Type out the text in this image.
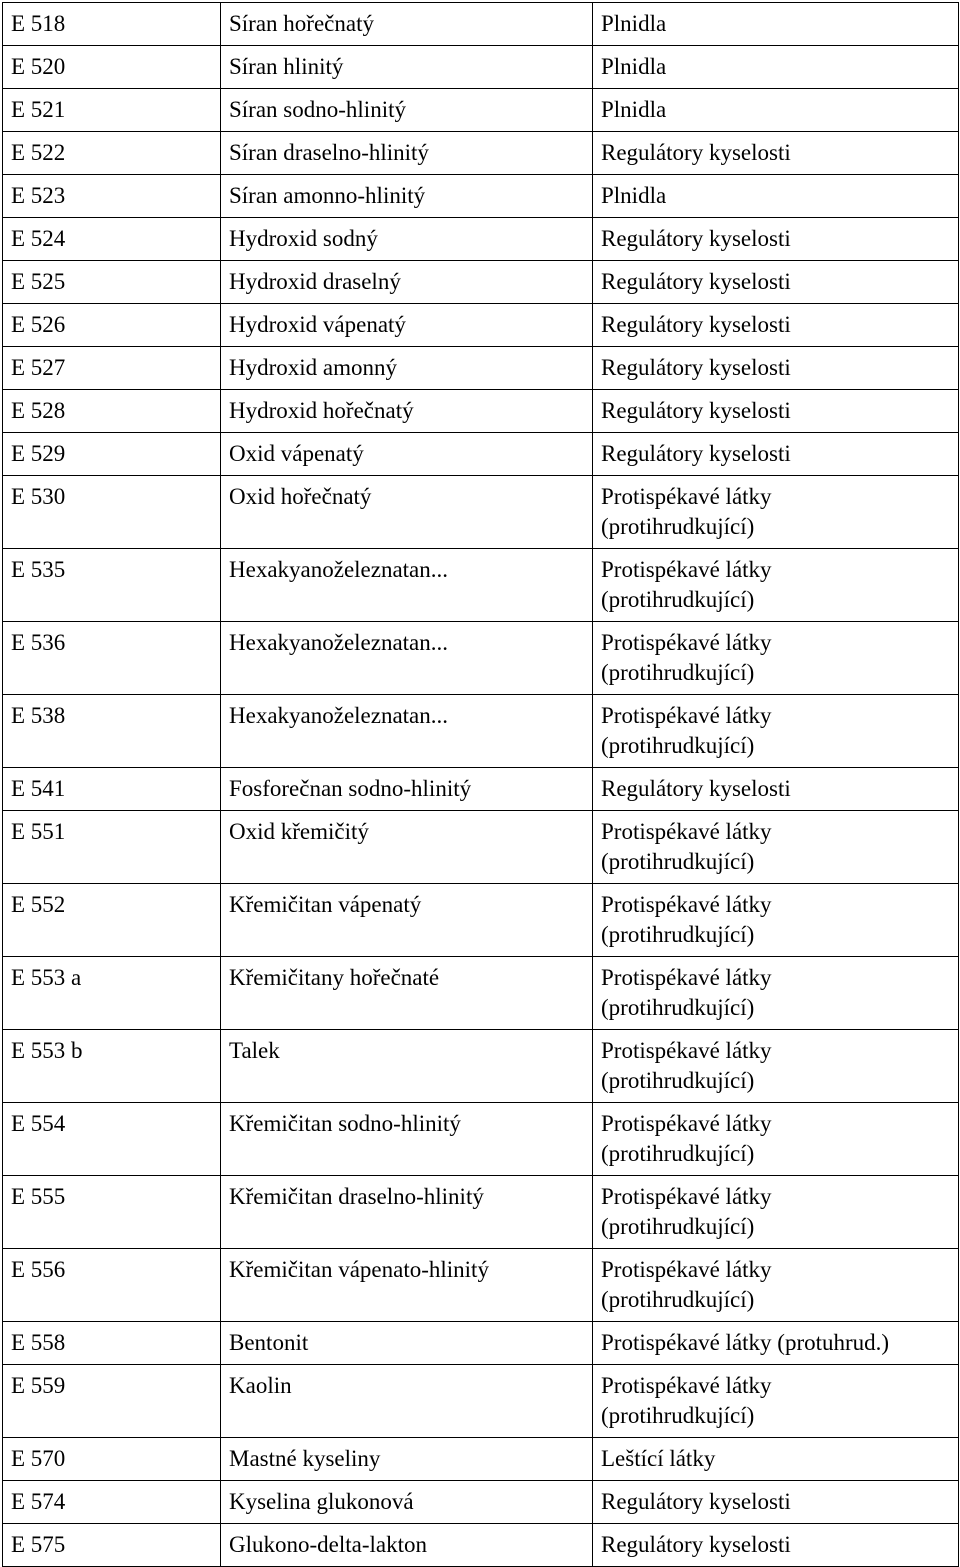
E 518	Síran hořečnatý	Plnidla

E 520	Síran hlinitý	Plnidla

E 521	Síran sodno-hlinitý	Plnidla

E 522	Síran draselno-hlinitý	Regulátory kyselosti

E 523	Síran amonno-hlinitý	Plnidla

E 524	Hydroxid sodný	Regulátory kyselosti

E 525	Hydroxid draselný	Regulátory kyselosti

E 526	Hydroxid vápenatý	Regulátory kyselosti

E 527	Hydroxid amonný	Regulátory kyselosti

E 528	Hydroxid hořečnatý	Regulátory kyselosti

E 529	Oxid vápenatý	Regulátory kyselosti

E 530	Oxid hořečnatý	Protispékavé látky
(protihrudkující)

E 535	Hexakyanoželeznatan...	Protispékavé látky
(protihrudkující)

E 536	Hexakyanoželeznatan...	Protispékavé látky
(protihrudkující)

E 538	Hexakyanoželeznatan...	Protispékavé látky
(protihrudkující)

E 541	Fosforečnan sodno-hlinitý	Regulátory kyselosti

E 551	Oxid křemičitý	Protispékavé látky
(protihrudkující)

E 552	Křemičitan vápenatý	Protispékavé látky
(protihrudkující)

E 553 a	Křemičitany hořečnaté	Protispékavé látky
(protihrudkující)

E 553 b	Talek	Protispékavé látky
(protihrudkující)

E 554	Křemičitan sodno-hlinitý	Protispékavé látky
(protihrudkující)

E 555	Křemičitan draselno-hlinitý	Protispékavé látky
(protihrudkující)

E 556	Křemičitan vápenato-hlinitý	Protispékavé látky
(protihrudkující)

E 558	Bentonit	Protispékavé látky (protuhrud.)

E 559	Kaolin	Protispékavé látky
(protihrudkující)

E 570	Mastné kyseliny	Leštící látky

E 574	Kyselina glukonová	Regulátory kyselosti

E 575	Glukono-delta-lakton	Regulátory kyselosti
